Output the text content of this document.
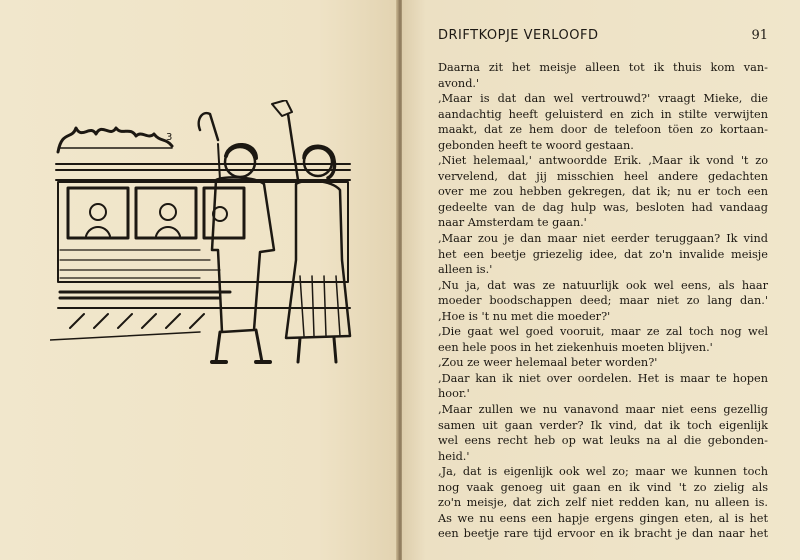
3
DRIFTKOPJE VERLOOFD	91
Daarna zit het meisje alleen tot ik thuis kom van-
avond.'
‚Maar is dat dan wel vertrouwd?' vraagt Mieke, die
aandachtig heeft geluisterd en zich in stilte verwijten
maakt, dat ze hem door de telefoon töen zo kortaan-
gebonden heeft te woord gestaan.
‚Niet helemaal,' antwoordde Erik. ‚Maar ik vond 't zo
vervelend, dat jij misschien heel andere gedachten
over me zou hebben gekregen, dat ik; nu er toch een
gedeelte van de dag hulp was, besloten had vandaag
naar Amsterdam te gaan.'
‚Maar zou je dan maar niet eerder teruggaan? Ik vind
het een beetje griezelig idee, dat zo'n invalide meisje
alleen is.'
‚Nu ja, dat was ze natuurlijk ook wel eens, als haar
moeder boodschappen deed; maar niet zo lang dan.'
‚Hoe is 't nu met die moeder?'
‚Die gaat wel goed vooruit, maar ze zal toch nog wel
een hele poos in het ziekenhuis moeten blijven.'
‚Zou ze weer helemaal beter worden?'
‚Daar kan ik niet over oordelen. Het is maar te hopen
hoor.'
‚Maar zullen we nu vanavond maar niet eens gezellig
samen uit gaan verder? Ik vind, dat ik toch eigenlijk
wel eens recht heb op wat leuks na al die gebonden-
heid.'
‚Ja, dat is eigenlijk ook wel zo; maar we kunnen toch
nog vaak genoeg uit gaan en ik vind 't zo zielig als
zo'n meisje, dat zich zelf niet redden kan, nu alleen is.
As we nu eens een hapje ergens gingen eten, al is het
een beetje rare tijd ervoor en ik bracht je dan naar het
